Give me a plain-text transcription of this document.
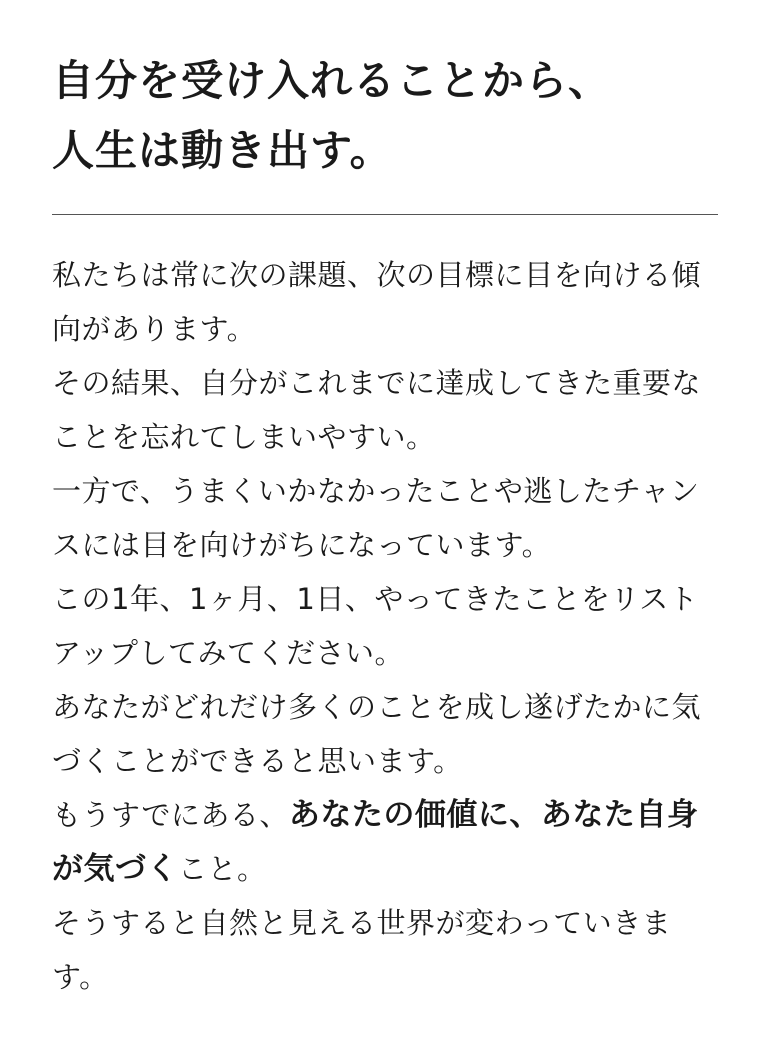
自分を受け入れることから、
人生は動き出す。

私たちは常に次の課題、次の目標に目を向ける傾向があります。

その結果、自分がこれまでに達成してきた重要なことを忘れてしまいやすい。

一方で、うまくいかなかったことや逃したチャンスには目を向けがちになっています。

この1年、1ヶ月、1日、やってきたことをリストアップしてみてください。

あなたがどれだけ多くのことを成し遂げたかに気づくことができると思います。

もうすでにある、あなたの価値に、あなた自身が気づくこと。

そうすると自然と見える世界が変わっていきます。
